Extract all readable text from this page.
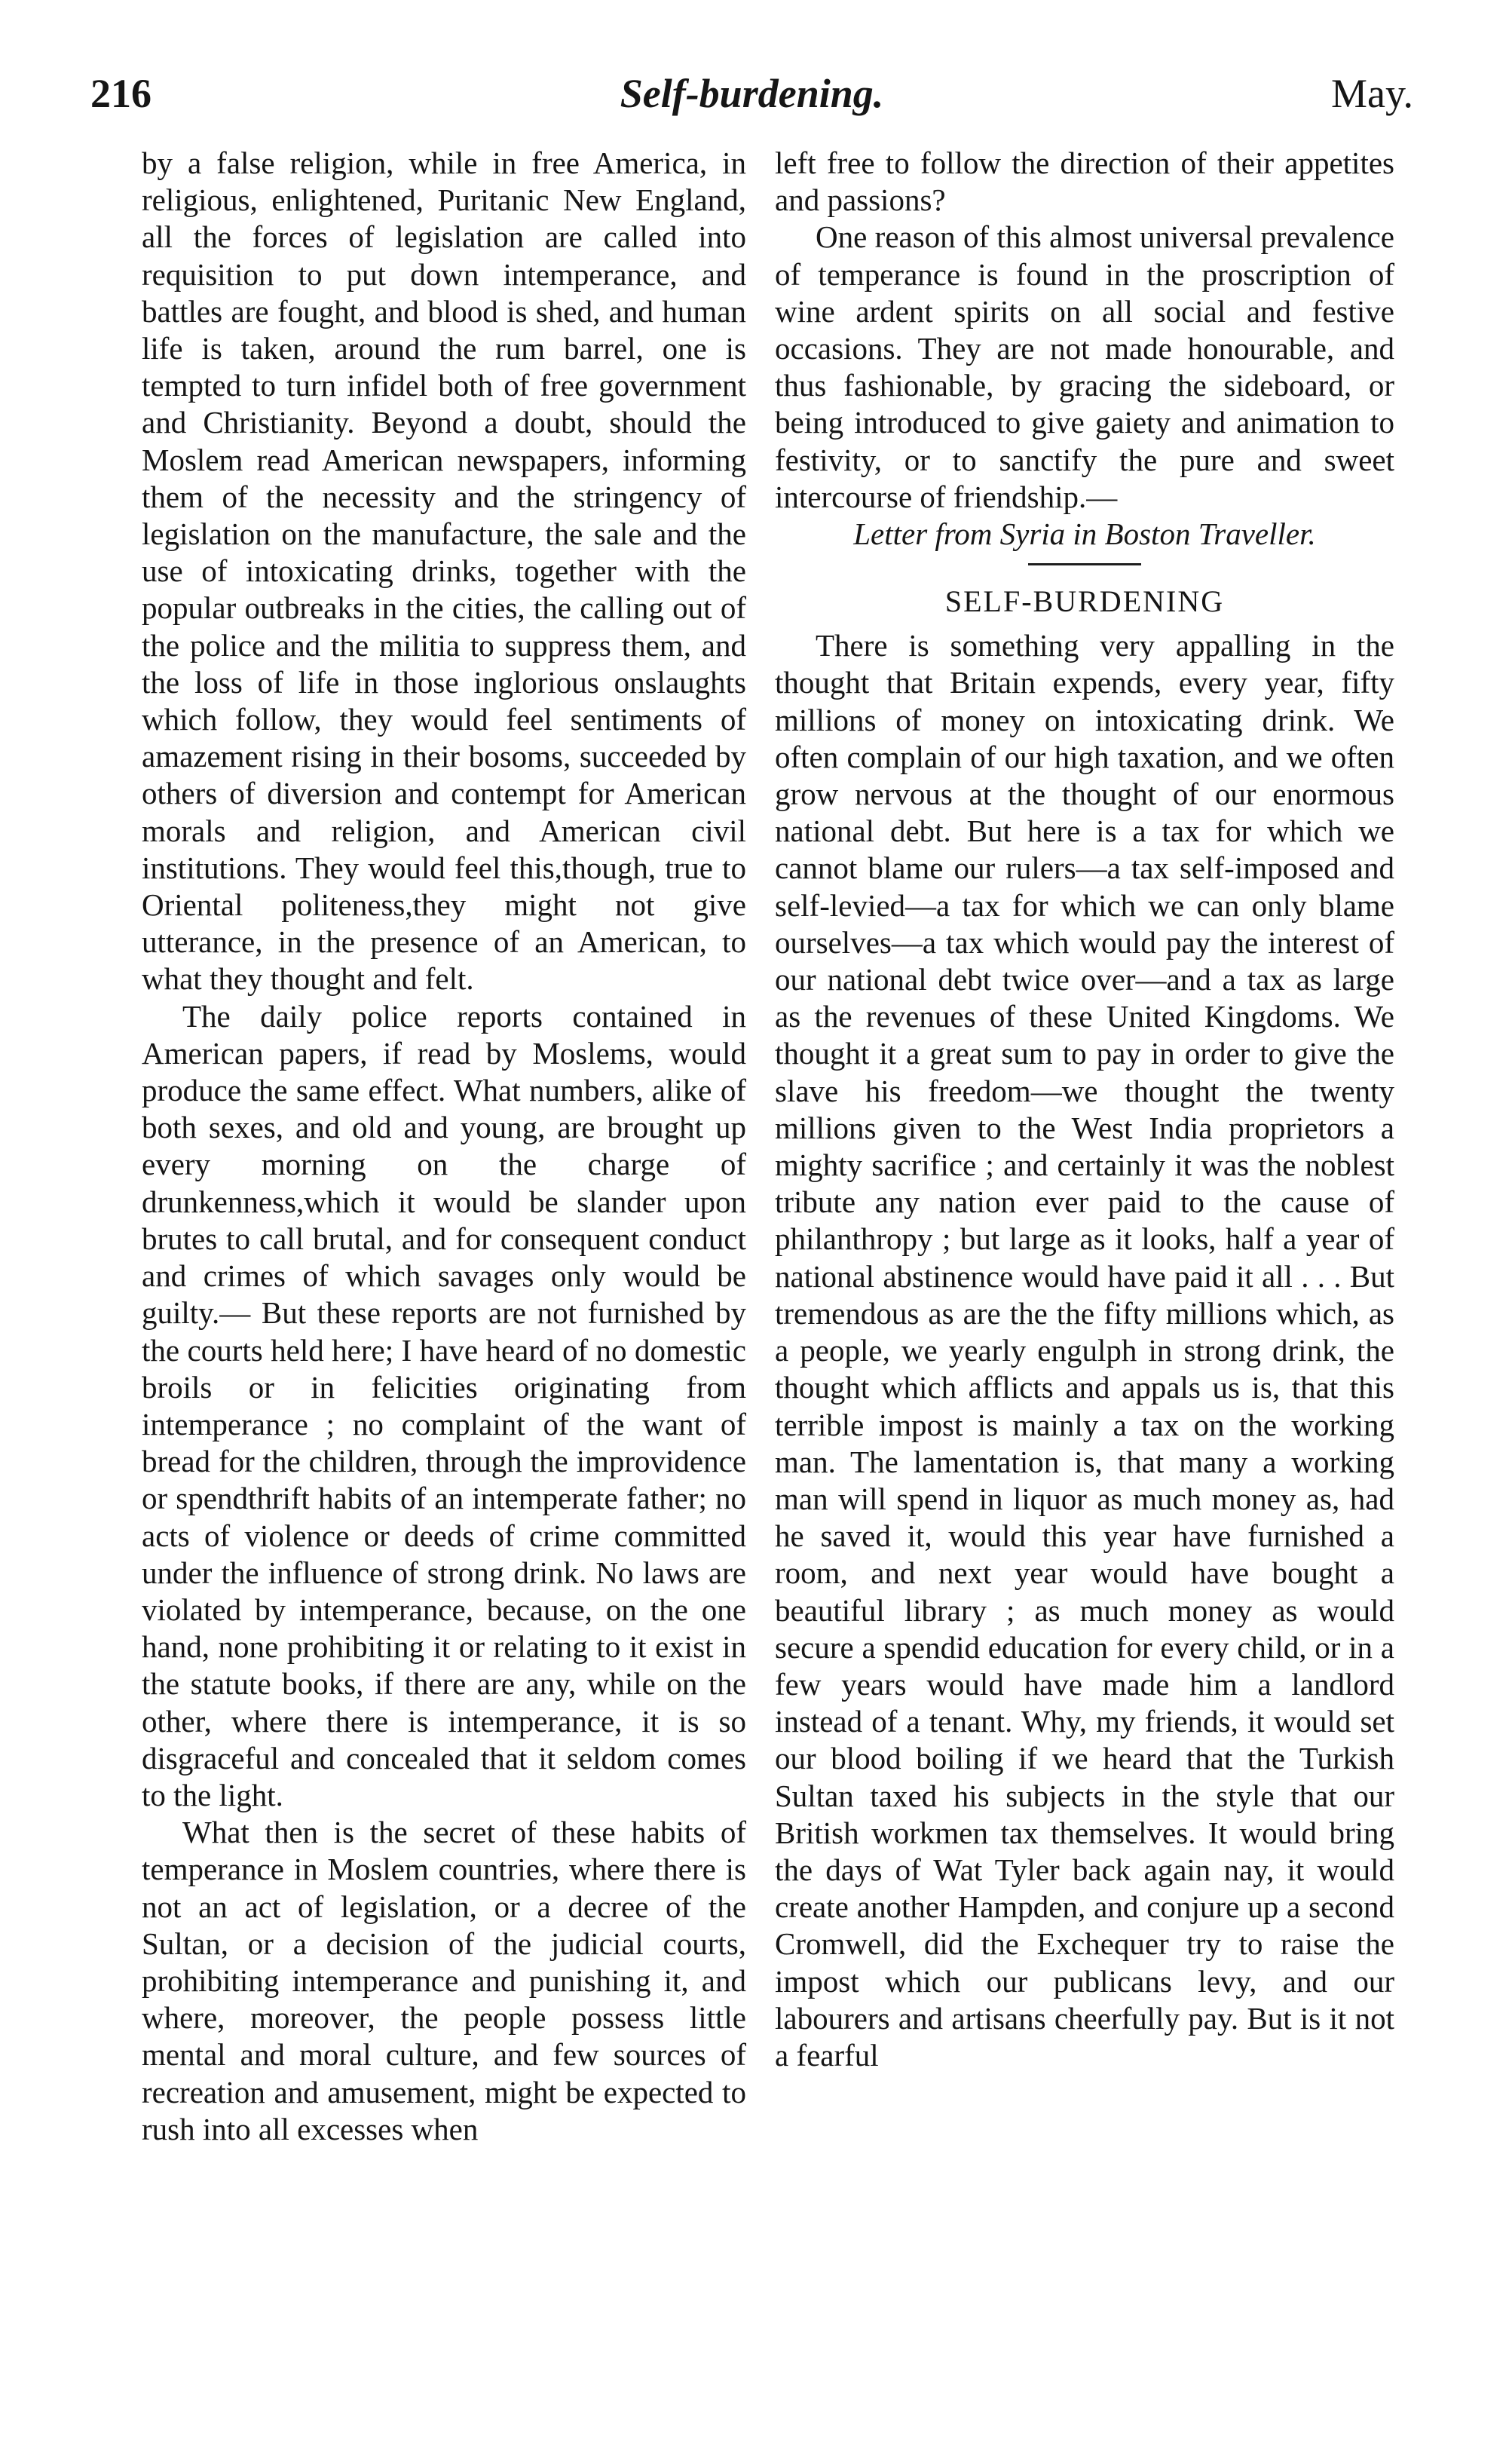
216	Self-burdening.	May.

by a false religion, while in free America, in religious, enlightened, Puritanic New England, all the forces of legislation are called into requisition to put down intemperance, and battles are fought, and blood is shed, and human life is taken, around the rum barrel, one is tempted to turn infidel both of free government and Christianity. Beyond a doubt, should the Moslem read American newspapers, informing them of the necessity and the stringency of legislation on the manufacture, the sale and the use of intoxicating drinks, together with the popular outbreaks in the cities, the calling out of the police and the militia to suppress them, and the loss of life in those inglorious onslaughts which follow, they would feel sentiments of amazement rising in their bosoms, succeeded by others of diversion and contempt for American morals and religion, and American civil institutions. They would feel this,though, true to Oriental politeness,they might not give utterance, in the presence of an American, to what they thought and felt.

The daily police reports contained in American papers, if read by Moslems, would produce the same effect. What numbers, alike of both sexes, and old and young, are brought up every morning on the charge of drunkenness,which it would be slander upon brutes to call brutal, and for consequent conduct and crimes of which savages only would be guilty.— But these reports are not furnished by the courts held here; I have heard of no domestic broils or in felicities originating from intemperance ; no complaint of the want of bread for the children, through the improvidence or spendthrift habits of an intemperate father; no acts of violence or deeds of crime committed under the influence of strong drink. No laws are violated by intemperance, because, on the one hand, none prohibiting it or relating to it exist in the statute books, if there are any, while on the other, where there is intemperance, it is so disgraceful and concealed that it seldom comes to the light.

What then is the secret of these habits of temperance in Moslem countries, where there is not an act of legislation, or a decree of the Sultan, or a decision of the judicial courts, prohibiting intemperance and punishing it, and where, moreover, the people possess little mental and moral culture, and few sources of recreation and amusement, might be expected to rush into all excesses when

left free to follow the direction of their appetites and passions?

One reason of this almost universal prevalence of temperance is found in the proscription of wine ardent spirits on all social and festive occasions. They are not made honourable, and thus fashionable, by gracing the sideboard, or being introduced to give gaiety and animation to festivity, or to sanctify the pure and sweet intercourse of friendship.—

Letter from Syria in Boston Traveller.

SELF-BURDENING

There is something very appalling in the thought that Britain expends, every year, fifty millions of money on intoxicating drink. We often complain of our high taxation, and we often grow nervous at the thought of our enormous national debt. But here is a tax for which we cannot blame our rulers—a tax self-imposed and self-levied—a tax for which we can only blame ourselves—a tax which would pay the interest of our national debt twice over—and a tax as large as the revenues of these United Kingdoms. We thought it a great sum to pay in order to give the slave his freedom—we thought the twenty millions given to the West India proprietors a mighty sacrifice ; and certainly it was the noblest tribute any nation ever paid to the cause of philanthropy ; but large as it looks, half a year of national abstinence would have paid it all . . . But tremendous as are the the fifty millions which, as a people, we yearly engulph in strong drink, the thought which afflicts and appals us is, that this terrible impost is mainly a tax on the working man. The lamentation is, that many a working man will spend in liquor as much money as, had he saved it, would this year have furnished a room, and next year would have bought a beautiful library ; as much money as would secure a spendid education for every child, or in a few years would have made him a landlord instead of a tenant. Why, my friends, it would set our blood boiling if we heard that the Turkish Sultan taxed his subjects in the style that our British workmen tax themselves. It would bring the days of Wat Tyler back again nay, it would create another Hampden, and conjure up a second Cromwell, did the Exchequer try to raise the impost which our publicans levy, and our labourers and artisans cheerfully pay. But is it not a fearful
